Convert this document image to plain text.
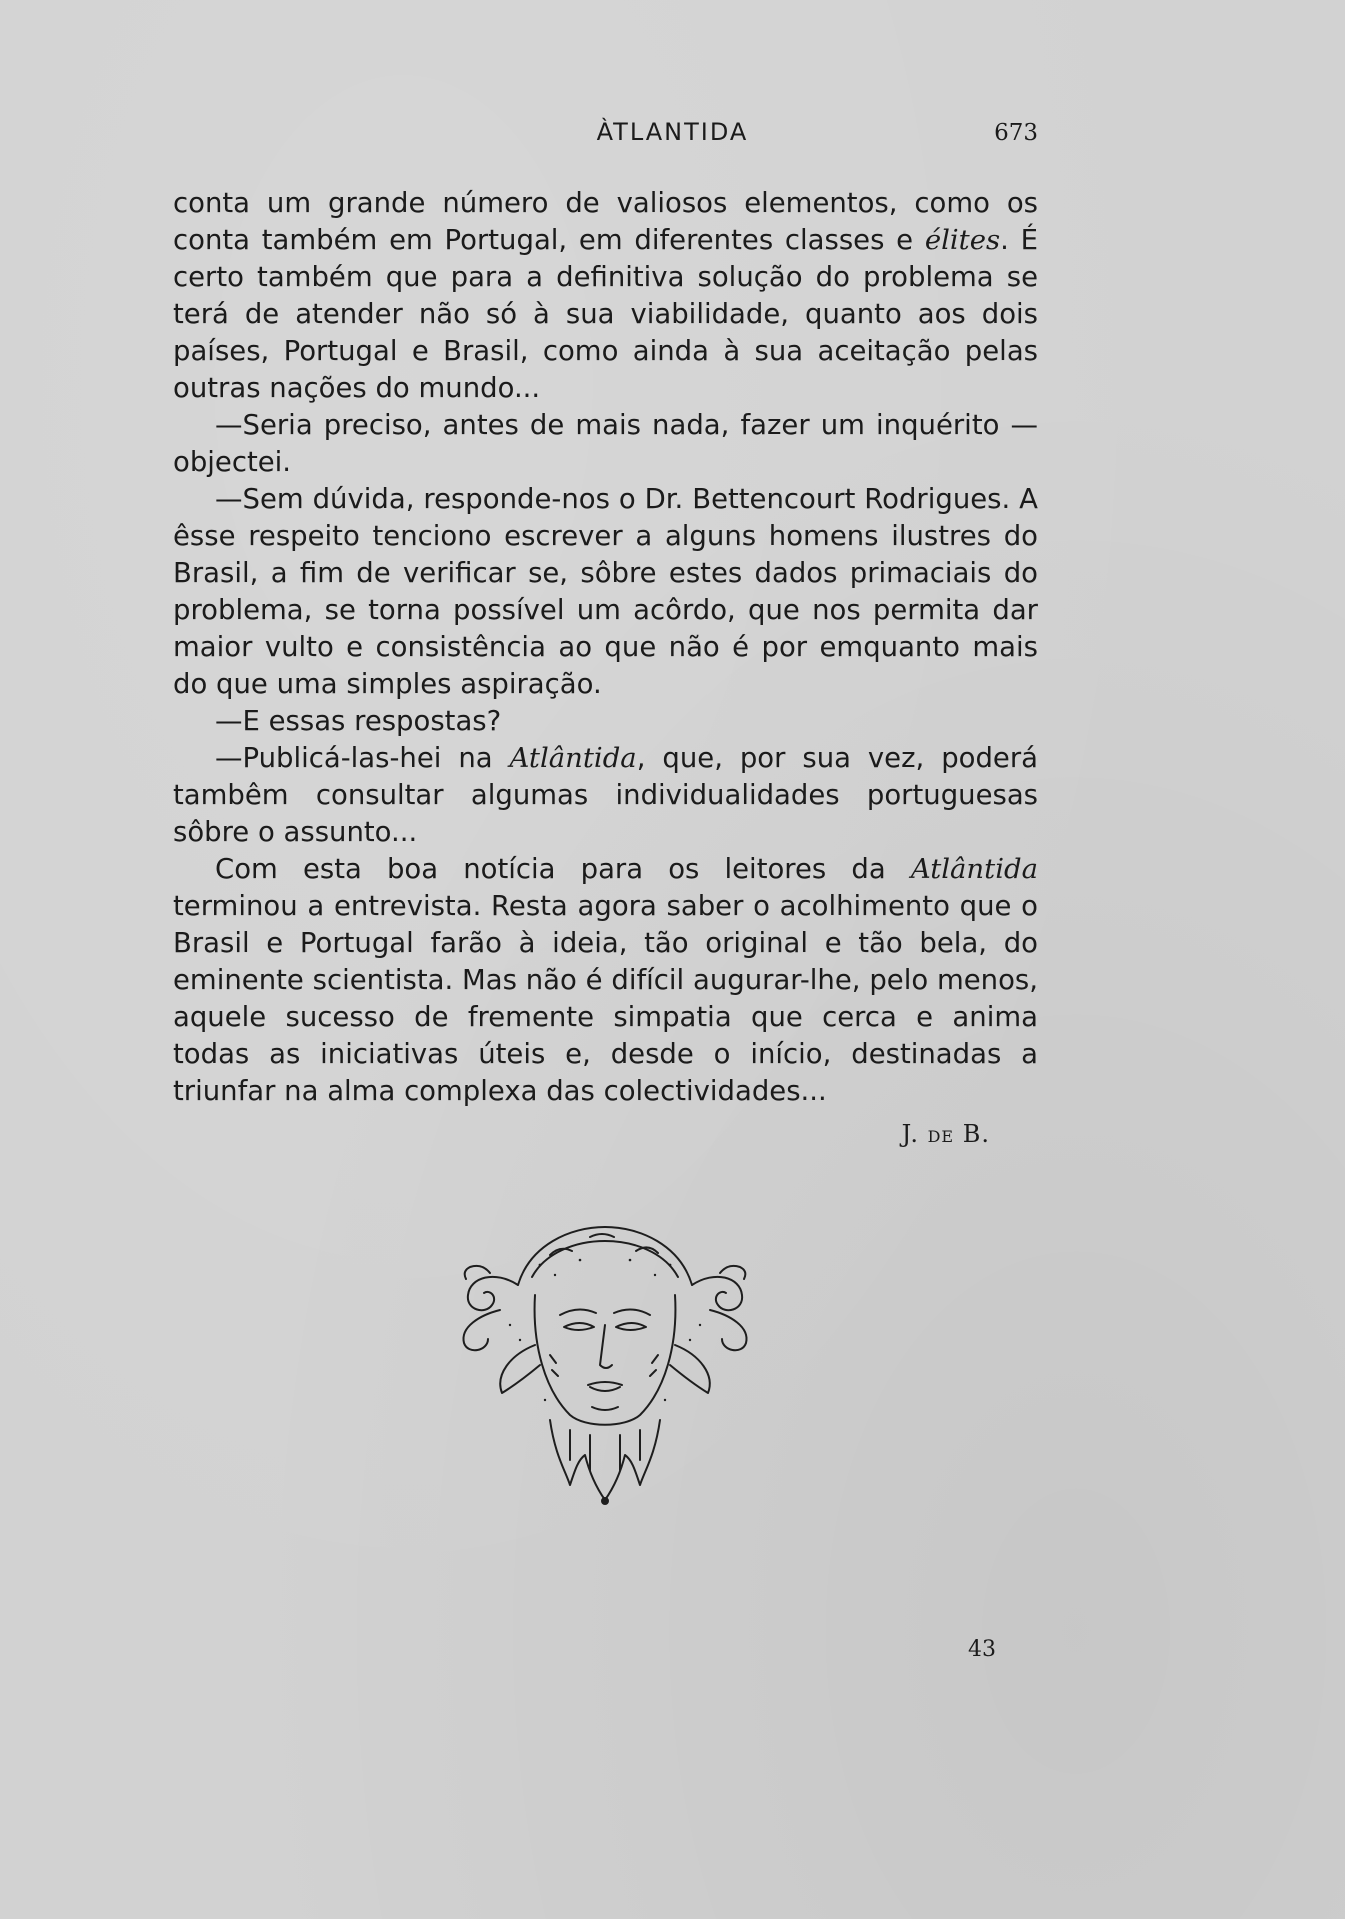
ÀTLANTIDA	673

conta um grande número de valiosos elementos, como os conta também em Portugal, em diferentes classes e élites. É certo também que para a definitiva solução do problema se terá de atender não só à sua viabilidade, quanto aos dois países, Portugal e Brasil, como ainda à sua aceitação pelas outras nações do mundo...

—Seria preciso, antes de mais nada, fazer um inquérito — objectei.

—Sem dúvida, responde-nos o Dr. Bettencourt Rodrigues. A êsse respeito tenciono escrever a alguns homens ilustres do Brasil, a fim de verificar se, sôbre estes dados primaciais do problema, se torna possível um acôrdo, que nos permita dar maior vulto e consistência ao que não é por emquanto mais do que uma simples aspiração.

—E essas respostas?

—Publicá-las-hei na Atlântida, que, por sua vez, poderá tambêm consultar algumas individualidades portuguesas sôbre o assunto...

Com esta boa notícia para os leitores da Atlântida terminou a entrevista. Resta agora saber o acolhimento que o Brasil e Portugal farão à ideia, tão original e tão bela, do eminente scientista. Mas não é difícil augurar-lhe, pelo menos, aquele sucesso de fremente simpatia que cerca e anima todas as iniciativas úteis e, desde o início, destinadas a triunfar na alma complexa das colectividades...

J. DE B.
43
